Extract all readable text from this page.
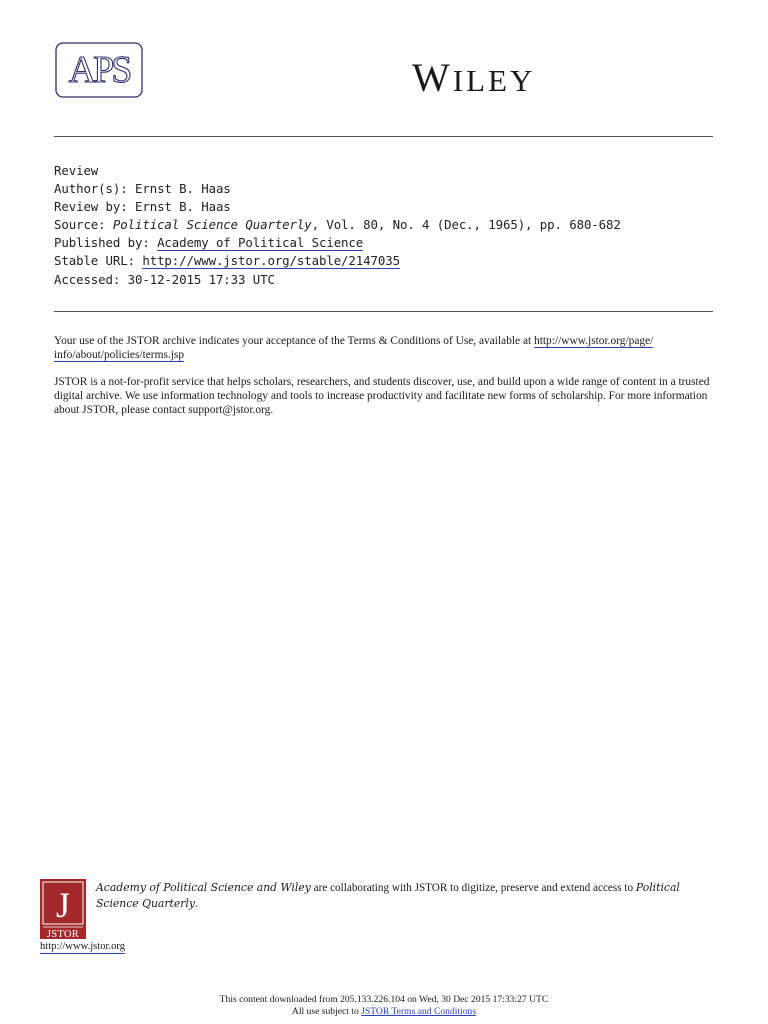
APS	WILEY
Review
Author(s): Ernst B. Haas
Review by: Ernst B. Haas
Source: Political Science Quarterly, Vol. 80, No. 4 (Dec., 1965), pp. 680-682
Published by: Academy of Political Science
Stable URL: http://www.jstor.org/stable/2147035
Accessed: 30-12-2015 17:33 UTC

Your use of the JSTOR archive indicates your acceptance of the Terms & Conditions of Use, available at http://www.jstor.org/page/
info/about/policies/terms.jsp

JSTOR is a not-for-profit service that helps scholars, researchers, and students discover, use, and build upon a wide range of content in a trusted digital archive. We use information technology and tools to increase productivity and facilitate new forms of scholarship. For more information about JSTOR, please contact support@jstor.org.

J
JSTOR
Academy of Political Science and Wiley are collaborating with JSTOR to digitize, preserve and extend access to Political
Science Quarterly.
http://www.jstor.org
This content downloaded from 205.133.226.104 on Wed, 30 Dec 2015 17:33:27 UTC
All use subject to JSTOR Terms and Conditions
